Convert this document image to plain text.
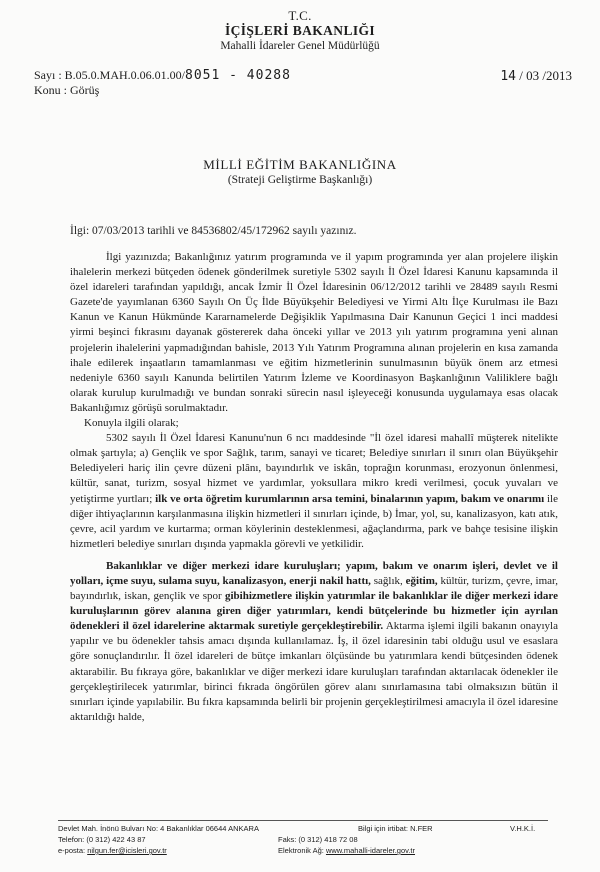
T.C.
İÇİŞLERİ BAKANLIĞI
Mahalli İdareler Genel Müdürlüğü
Sayı : B.05.0.MAH.0.06.01.00/8051 - 40288	14 / 03 /2013
Konu : Görüş
MİLLİ EĞİTİM BAKANLIĞINA
(Strateji Geliştirme Başkanlığı)
İlgi: 07/03/2013 tarihli ve 84536802/45/172962 sayılı yazınız.

İlgi yazınızda; Bakanlığınız yatırım programında ve il yapım programında yer alan projelere ilişkin ihalelerin merkezi bütçeden ödenek gönderilmek suretiyle 5302 sayılı İl Özel İdaresi Kanunu kapsamında il özel idareleri tarafından yapıldığı, ancak İzmir İl Özel İdaresinin 06/12/2012 tarihli ve 28489 sayılı Resmi Gazete'de yayımlanan 6360 Sayılı On Üç İlde Büyükşehir Belediyesi ve Yirmi Altı İlçe Kurulması ile Bazı Kanun ve Kanun Hükmünde Kararnamelerde Değişiklik Yapılmasına Dair Kanunun Geçici 1 inci maddesi yirmi beşinci fıkrasını dayanak göstererek daha önceki yıllar ve 2013 yılı yatırım programına yeni alınan projelerin ihalelerini yapmadığından bahisle, 2013 Yılı Yatırım Programına alınan projelerin en kısa zamanda ihale edilerek inşaatların tamamlanması ve eğitim hizmetlerinin sunulmasının büyük önem arz etmesi nedeniyle 6360 sayılı Kanunda belirtilen Yatırım İzleme ve Koordinasyon Başkanlığının Valiliklere bağlı olarak kurulup kurulmadığı ve bundan sonraki sürecin nasıl işleyeceği konusunda uygulamaya esas olacak Bakanlığımız görüşü sorulmaktadır.

Konuyla ilgili olarak;

5302 sayılı İl Özel İdaresi Kanunu'nun 6 ncı maddesinde "İl özel idaresi mahallî müşterek nitelikte olmak şartıyla; a) Gençlik ve spor Sağlık, tarım, sanayi ve ticaret; Belediye sınırları il sınırı olan Büyükşehir Belediyeleri hariç ilin çevre düzeni plânı, bayındırlık ve iskân, toprağın korunması, erozyonun önlenmesi, kültür, sanat, turizm, sosyal hizmet ve yardımlar, yoksullara mikro kredi verilmesi, çocuk yuvaları ve yetiştirme yurtları; ilk ve orta öğretim kurumlarının arsa temini, binalarının yapım, bakım ve onarımı ile diğer ihtiyaçlarının karşılanmasına ilişkin hizmetleri il sınırları içinde, b) İmar, yol, su, kanalizasyon, katı atık, çevre, acil yardım ve kurtarma; orman köylerinin desteklenmesi, ağaçlandırma, park ve bahçe tesisine ilişkin hizmetleri belediye sınırları dışında yapmakla görevli ve yetkilidir.

Bakanlıklar ve diğer merkezi idare kuruluşları; yapım, bakım ve onarım işleri, devlet ve il yolları, içme suyu, sulama suyu, kanalizasyon, enerji nakil hattı, sağlık, eğitim, kültür, turizm, çevre, imar, bayındırlık, iskan, gençlik ve spor gibihizmetlere ilişkin yatırımlar ile bakanlıklar ile diğer merkezi idare kuruluşlarının görev alanına giren diğer yatırımları, kendi bütçelerinde bu hizmetler için ayrılan ödenekleri il özel idarelerine aktarmak suretiyle gerçekleştirebilir. Aktarma işlemi ilgili bakanın onayıyla yapılır ve bu ödenekler tahsis amacı dışında kullanılamaz. İş, il özel idaresinin tabi olduğu usul ve esaslara göre sonuçlandırılır. İl özel idareleri de bütçe imkanları ölçüsünde bu yatırımlara kendi bütçesinden ödenek aktarabilir. Bu fıkraya göre, bakanlıklar ve diğer merkezi idare kuruluşları tarafından aktarılacak ödenekler ile gerçekleştirilecek yatırımlar, birinci fıkrada öngörülen görev alanı sınırlamasına tabi olmaksızın bütün il sınırları içinde yapılabilir. Bu fıkra kapsamında belirli bir projenin gerçekleştirilmesi amacıyla il özel idaresine aktarıldığı halde,

Devlet Mah. İnönü Bulvarı No: 4 Bakanlıklar 06644 ANKARA	Bilgi için irtibat: N.FER	V.H.K.İ.
Telefon: (0 312) 422 43 87	Faks: (0 312) 418 72 08
e-posta: nilgun.fer@icisleri.gov.tr	Elektronik Ağ: www.mahalli-idareler.gov.tr
